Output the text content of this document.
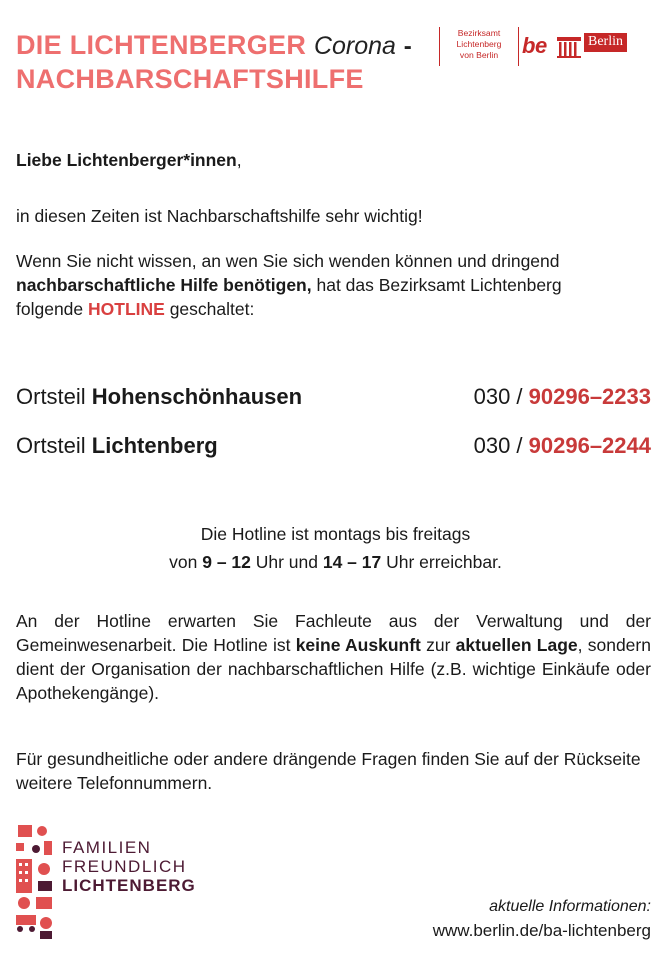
DIE LICHTENBERGER Corona -
NACHBARSCHAFTSHILFE
Bezirksamt
Lichtenberg
von Berlin	be	Berlin
Liebe Lichtenberger*innen,
in diesen Zeiten ist Nachbarschaftshilfe sehr wichtig!
Wenn Sie nicht wissen, an wen Sie sich wenden können und dringend
nachbarschaftliche Hilfe benötigen, hat das Bezirksamt Lichtenberg
folgende HOTLINE geschaltet:
Ortsteil Hohenschönhausen	030 / 90296–2233
Ortsteil Lichtenberg	030 / 90296–2244
Die Hotline ist montags bis freitags
von 9 – 12 Uhr und 14 – 17 Uhr erreichbar.
An der Hotline erwarten Sie Fachleute aus der Verwaltung und der Gemeinwesenarbeit. Die Hotline ist keine Auskunft zur aktuellen Lage, sondern dient der Organisation der nachbarschaftlichen Hilfe (z.B. wichtige Einkäufe oder Apothekengänge).
Für gesundheitliche oder andere drängende Fragen finden Sie auf der Rückseite weitere Telefonnummern.
FAMILIEN
FREUNDLICH
LICHTENBERG
aktuelle Informationen:
www.berlin.de/ba-lichtenberg
